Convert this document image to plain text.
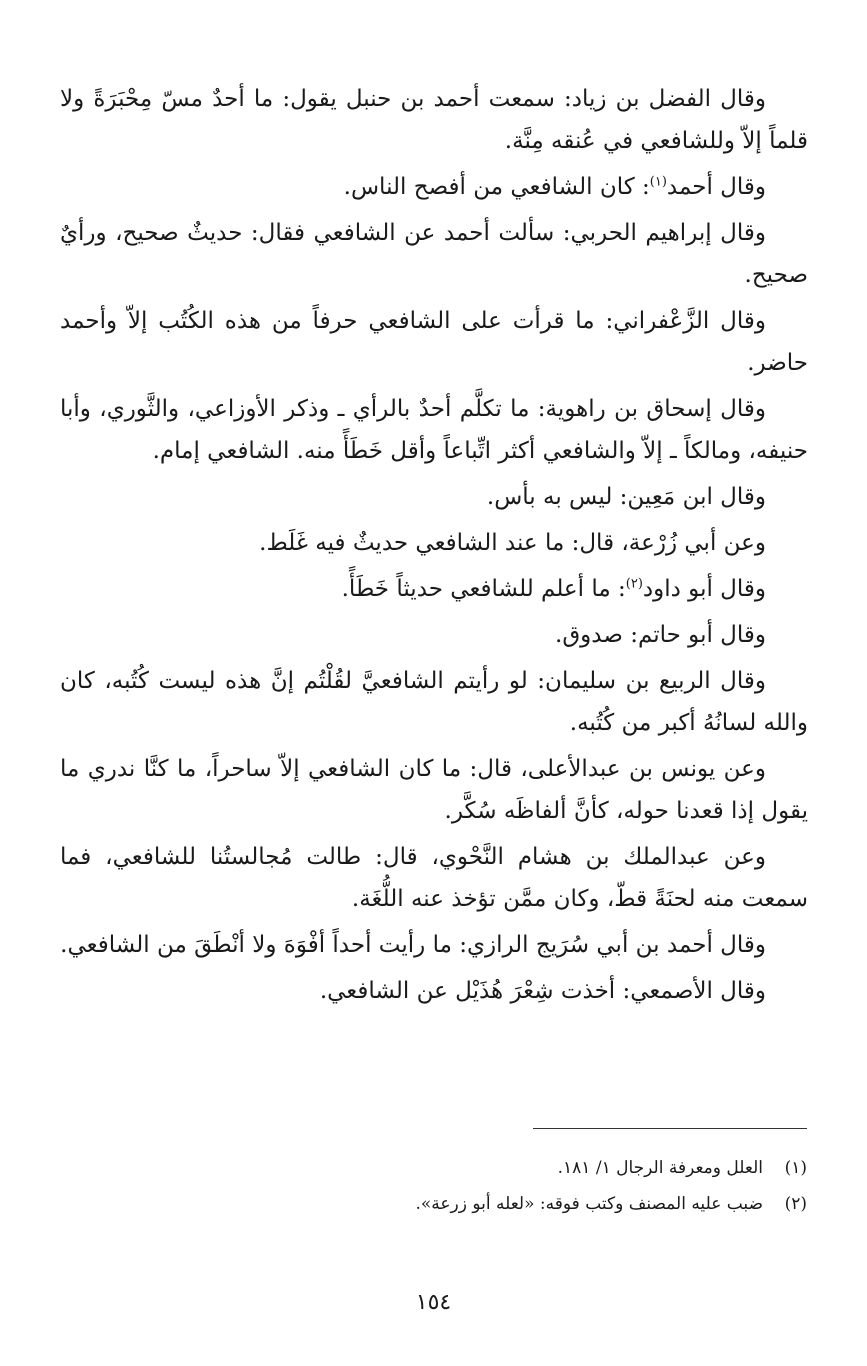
وقال الفضل بن زياد: سمعت أحمد بن حنبل يقول: ما أحدٌ مسّ مِحْبَرَةً ولا قلماً إلاّ وللشافعي في عُنقه مِنَّة.

وقال أحمد$^{(١)}$: كان الشافعي من أفصح الناس.

وقال إبراهيم الحربي: سألت أحمد عن الشافعي فقال: حديثٌ صحيح، ورأيٌ صحيح.

وقال الزَّعْفراني: ما قرأت على الشافعي حرفاً من هذه الكُتُب إلاّ وأحمد حاضر.

وقال إسحاق بن راهوية: ما تكلَّم أحدٌ بالرأي ـ وذكر الأوزاعي، والثَّوري، وأبا حنيفه، ومالكاً ـ إلاّ والشافعي أكثر اتِّباعاً وأقل خَطَأً منه. الشافعي إمام.

وقال ابن مَعِين: ليس به بأس.

وعن أبي زُرْعة، قال: ما عند الشافعي حديثٌ فيه غَلَط.

وقال أبو داود$^{(٢)}$: ما أعلم للشافعي حديثاً خَطَأً.

وقال أبو حاتم: صدوق.

وقال الربيع بن سليمان: لو رأيتم الشافعيَّ لقُلْتُم إنَّ هذه ليست كُتُبه، كان والله لسانُهُ أكبر من كُتُبه.

وعن يونس بن عبدالأعلى، قال: ما كان الشافعي إلاّ ساحراً، ما كنَّا ندري ما يقول إذا قعدنا حوله، كأنَّ ألفاظَه سُكَّر.

وعن عبدالملك بن هشام النَّحْوي، قال: طالت مُجالستُنا للشافعي، فما سمعت منه لحنَةً قطّ، وكان ممَّن تؤخذ عنه اللُّغَة.

وقال أحمد بن أبي سُرَيج الرازي: ما رأيت أحداً أفْوَهَ ولا أنْطَقَ من الشافعي.

وقال الأصمعي: أخذت شِعْرَ هُذَيْل عن الشافعي.

(١)العلل ومعرفة الرجال ١/ ١٨١.

(٢)ضبب عليه المصنف وكتب فوقه: «لعله أبو زرعة».

١٥٤
